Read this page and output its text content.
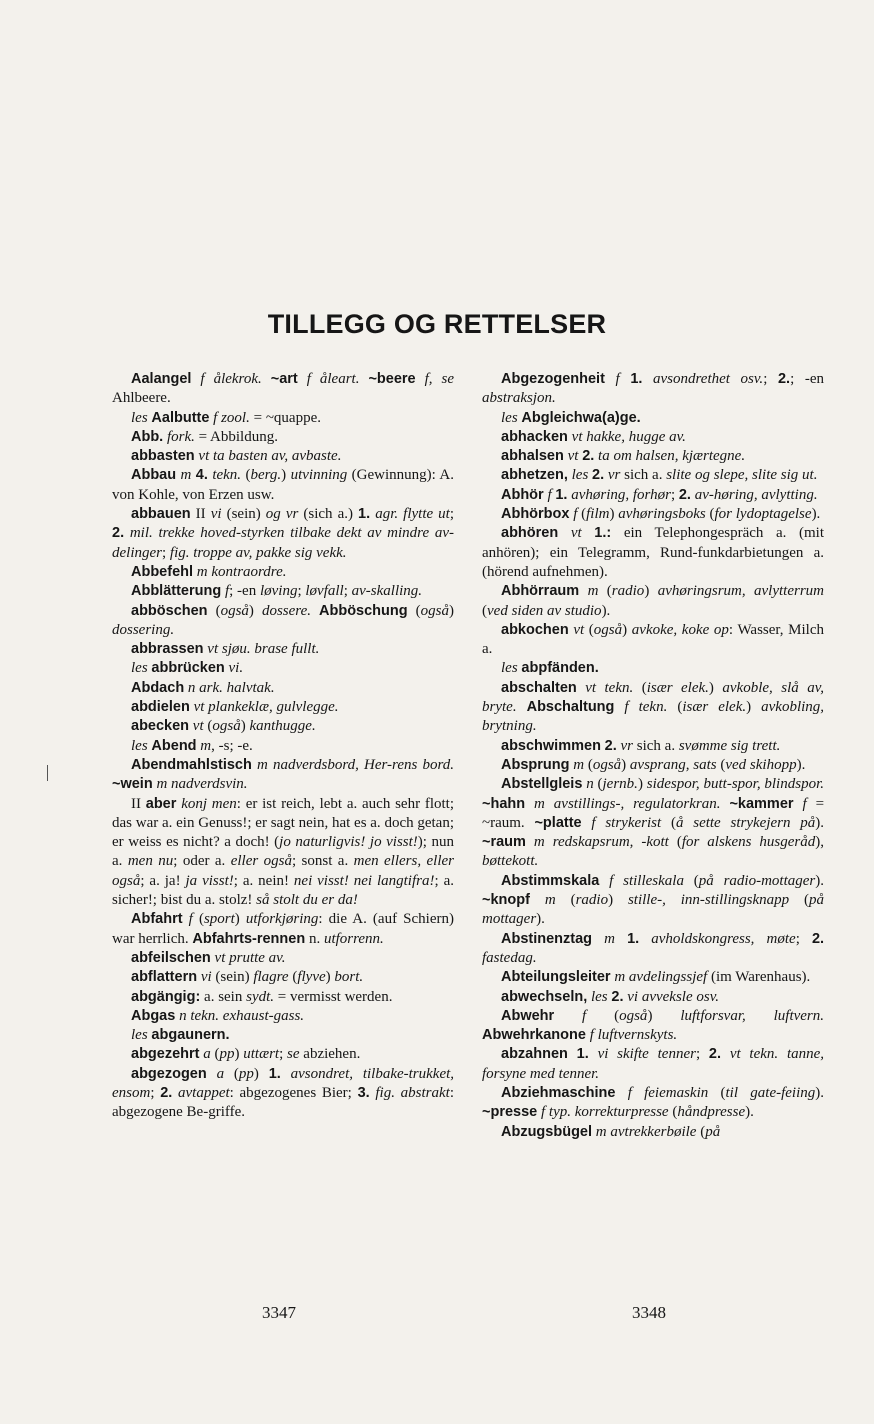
TILLEGG OG RETTELSER

Aalangel f ålekrok. ~art f åleart. ~beere f, se Ahlbeere.

les Aalbutte f zool. = ~quappe.

Abb. fork. = Abbildung.

abbasten vt ta basten av, avbaste.

Abbau m 4. tekn. (berg.) utvinning (Gewinnung): A. von Kohle, von Erzen usw.

abbauen II vi (sein) og vr (sich a.) 1. agr. flytte ut; 2. mil. trekke hoved-styrken tilbake dekt av mindre av-delinger; fig. troppe av, pakke sig vekk.

Abbefehl m kontraordre.

Abblätterung f; -en løving; løvfall; av-skalling.

abböschen (også) dossere. Abböschung (også) dossering.

abbrassen vt sjøu. brase fullt.

les abbrücken vi.

Abdach n ark. halvtak.

abdielen vt plankeklæ, gulvlegge.

abecken vt (også) kanthugge.

les Abend m, -s; -e.

Abendmahlstisch m nadverdsbord, Her-rens bord. ~wein m nadverdsvin.

II aber konj men: er ist reich, lebt a. auch sehr flott; das war a. ein Genuss!; er sagt nein, hat es a. doch getan; er weiss es nicht? a doch! (jo naturligvis! jo visst!); nun a. men nu; oder a. eller også; sonst a. men ellers, eller også; a. ja! ja visst!; a. nein! nei visst! nei langtifra!; a. sicher!; bist du a. stolz! så stolt du er da!

Abfahrt f (sport) utforkjøring: die A. (auf Schiern) war herrlich. Abfahrts-rennen n. utforrenn.

abfeilschen vt prutte av.

abflattern vi (sein) flagre (flyve) bort.

abgängig: a. sein sydt. = vermisst werden.

Abgas n tekn. exhaust-gass.

les abgaunern.

abgezehrt a (pp) uttært; se abziehen.

abgezogen a (pp) 1. avsondret, tilbake-trukket, ensom; 2. avtappet: abgezogenes Bier; 3. fig. abstrakt: abgezogene Be-griffe.

Abgezogenheit f 1. avsondrethet osv.; 2.; -en abstraksjon.

les Abgleichwa(a)ge.

abhacken vt hakke, hugge av.

abhalsen vt 2. ta om halsen, kjærtegne.

abhetzen, les 2. vr sich a. slite og slepe, slite sig ut.

Abhör f 1. avhøring, forhør; 2. av-høring, avlytting.

Abhörbox f (film) avhøringsboks (for lydoptagelse).

abhören vt 1.: ein Telephongespräch a. (mit anhören); ein Telegramm, Rund-funkdarbietungen a. (hörend aufnehmen).

Abhörraum m (radio) avhøringsrum, avlytterrum (ved siden av studio).

abkochen vt (også) avkoke, koke op: Wasser, Milch a.

les abpfänden.

abschalten vt tekn. (især elek.) avkoble, slå av, bryte. Abschaltung f tekn. (især elek.) avkobling, brytning.

abschwimmen 2. vr sich a. svømme sig trett.

Absprung m (også) avsprang, sats (ved skihopp).

Abstellgleis n (jernb.) sidespor, butt-spor, blindspor. ~hahn m avstillings-, regulatorkran. ~kammer f = ~raum. ~platte f strykerist (å sette strykejern på). ~raum m redskapsrum, -kott (for alskens husgeråd), bøttekott.

Abstimmskala f stilleskala (på radio-mottager). ~knopf m (radio) stille-, inn-stillingsknapp (på mottager).

Abstinenztag m 1. avholdskongress, møte; 2. fastedag.

Abteilungsleiter m avdelingssjef (im Warenhaus).

abwechseln, les 2. vi avveksle osv.

Abwehr f (også) luftforsvar, luftvern. Abwehrkanone f luftvernskyts.

abzahnen 1. vi skifte tenner; 2. vt tekn. tanne, forsyne med tenner.

Abziehmaschine f feiemaskin (til gate-feiing). ~presse f typ. korrekturpresse (håndpresse).

Abzugsbügel m avtrekkerbøile (på

3347	3348
